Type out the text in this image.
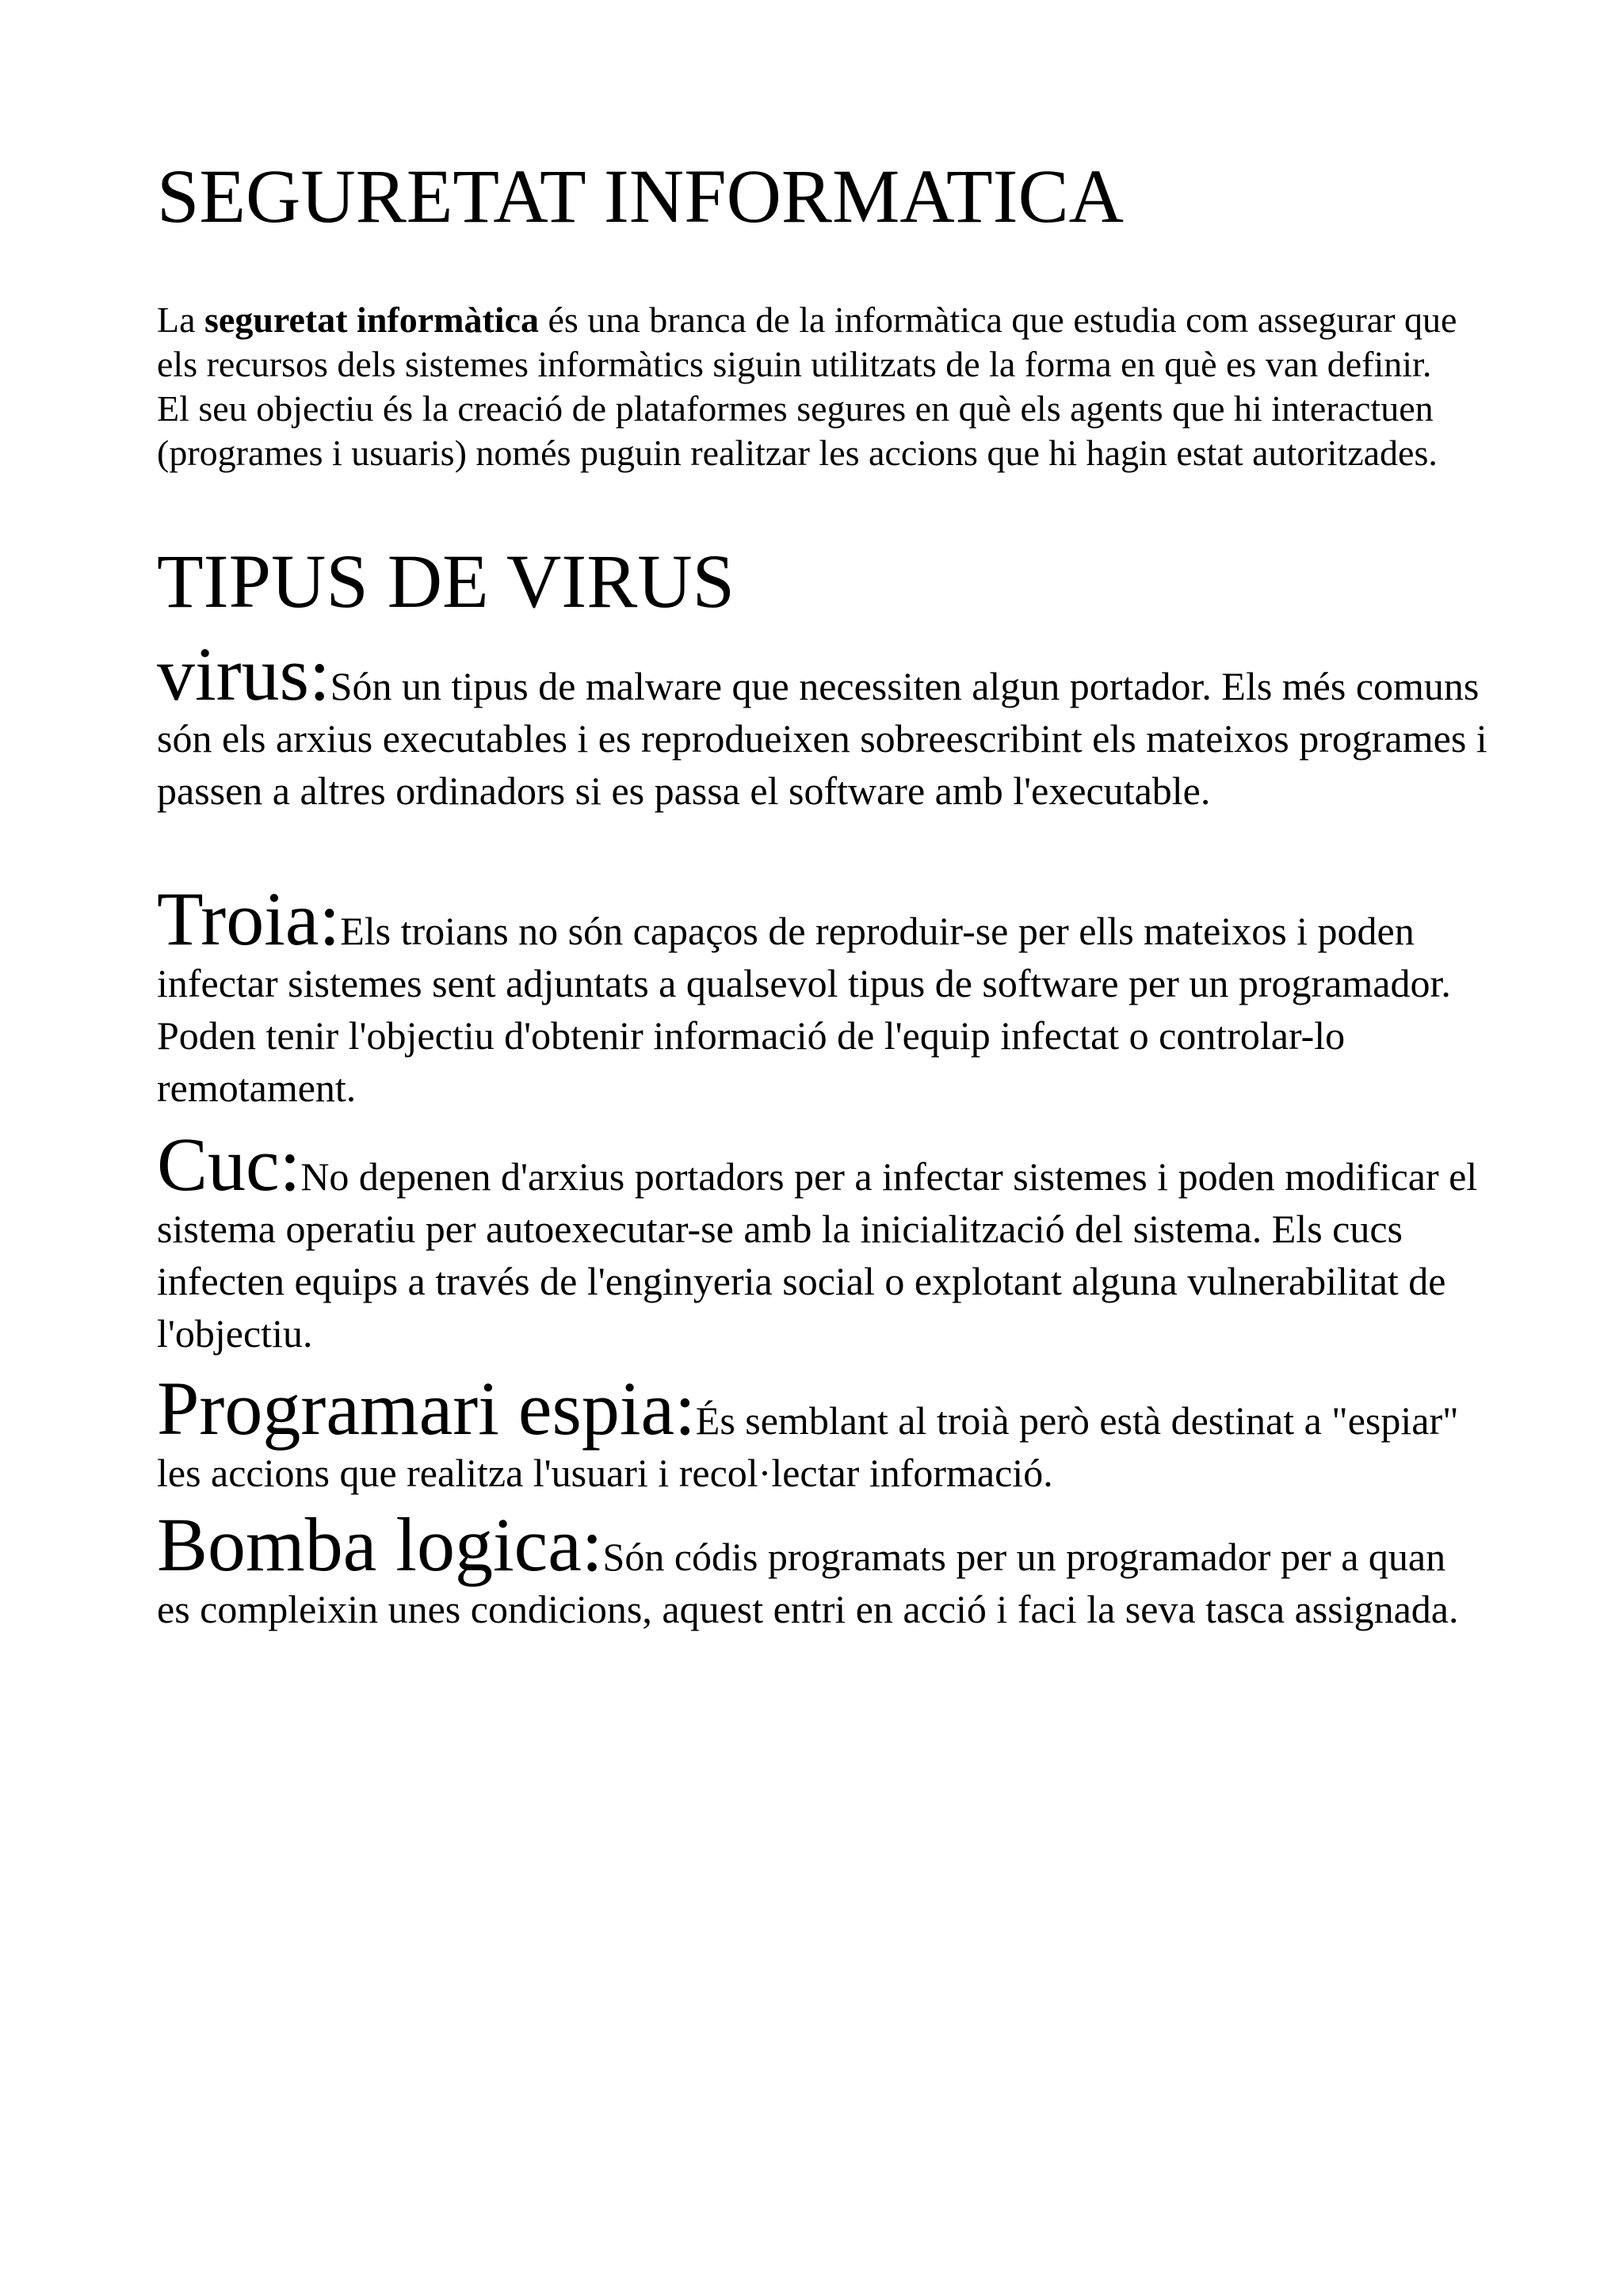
SEGURETAT INFORMATICA

La seguretat informàtica és una branca de la informàtica que estudia com assegurar que els recursos dels sistemes informàtics siguin utilitzats de la forma en què es van definir. El seu objectiu és la creació de plataformes segures en què els agents que hi interactuen (programes i usuaris) només puguin realitzar les accions que hi hagin estat autoritzades.

TIPUS DE VIRUS

virus:Són un tipus de malware que necessiten algun portador. Els més comuns són els arxius executables i es reprodueixen sobreescribint els mateixos programes i passen a altres ordinadors si es passa el software amb l'executable.

Troia:Els troians no són capaços de reproduir-se per ells mateixos i poden infectar sistemes sent adjuntats a qualsevol tipus de software per un programador. Poden tenir l'objectiu d'obtenir informació de l'equip infectat o controlar-lo remotament.

Cuc:No depenen d'arxius portadors per a infectar sistemes i poden modificar el sistema operatiu per autoexecutar-se amb la inicialització del sistema. Els cucs infecten equips a través de l'enginyeria social o explotant alguna vulnerabilitat de l'objectiu.

Programari espia:És semblant al troià però està destinat a "espiar" les accions que realitza l'usuari i recol·lectar informació.

Bomba logica:Són códis programats per un programador per a quan es compleixin unes condicions, aquest entri en acció i faci la seva tasca assignada.
